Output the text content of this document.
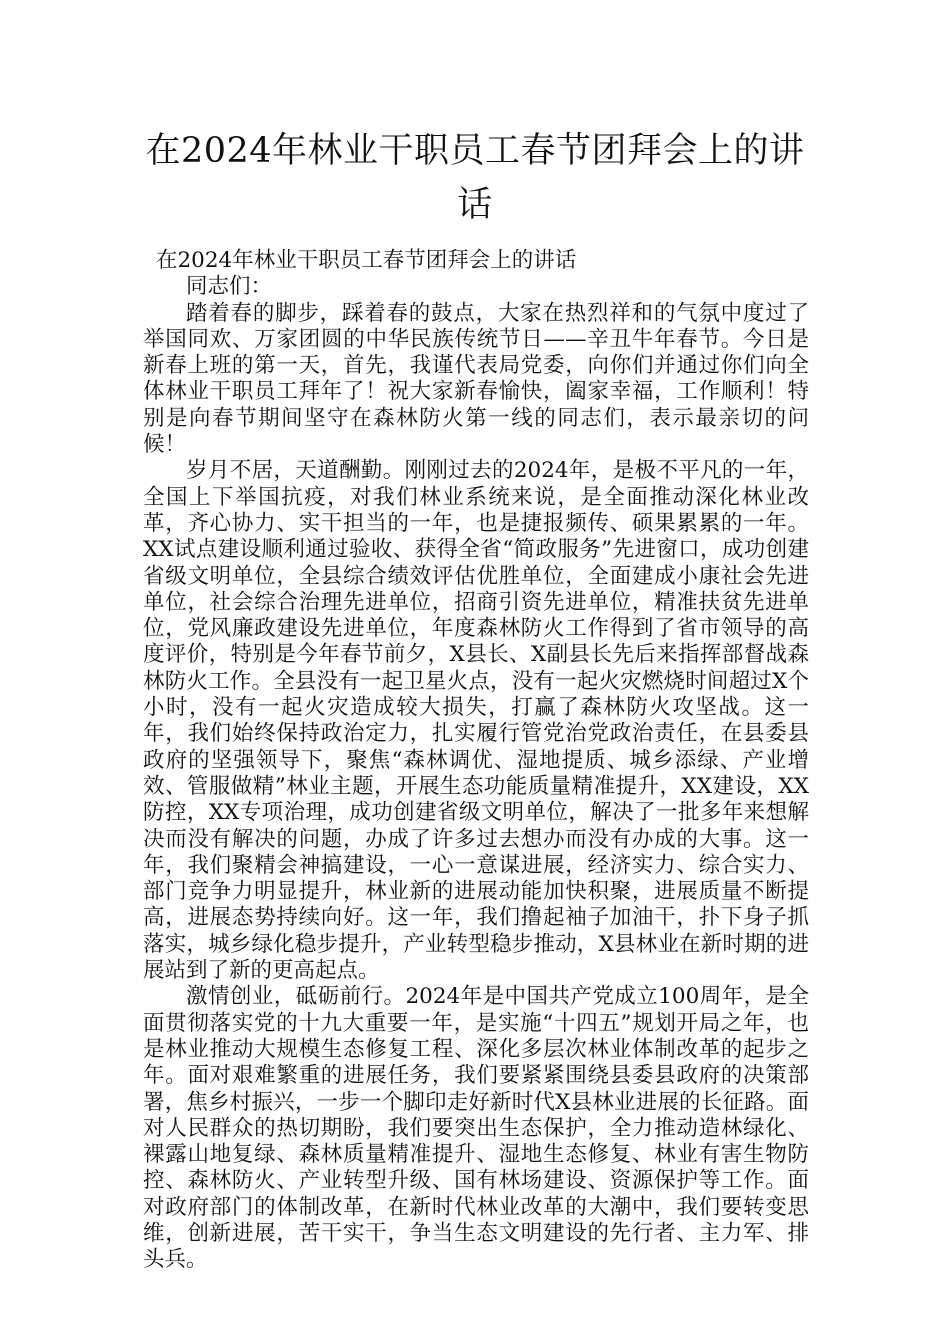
在2024年林业干职员工春节团拜会上的讲话

在2024年林业干职员工春节团拜会上的讲话

同志们：

踏着春的脚步，踩着春的鼓点，大家在热烈祥和的气氛中度过了举国同欢、万家团圆的中华民族传统节日——辛丑牛年春节。今日是新春上班的第一天，首先，我谨代表局党委，向你们并通过你们向全体林业干职员工拜年了！祝大家新春愉快，阖家幸福，工作顺利！特别是向春节期间坚守在森林防火第一线的同志们，表示最亲切的问候！

岁月不居，天道酬勤。刚刚过去的2024年，是极不平凡的一年，全国上下举国抗疫，对我们林业系统来说，是全面推动深化林业改革，齐心协力、实干担当的一年，也是捷报频传、硕果累累的一年。XX试点建设顺利通过验收、获得全省“简政服务”先进窗口，成功创建省级文明单位，全县综合绩效评估优胜单位，全面建成小康社会先进单位，社会综合治理先进单位，招商引资先进单位，精准扶贫先进单位，党风廉政建设先进单位，年度森林防火工作得到了省市领导的高度评价，特别是今年春节前夕，X县长、X副县长先后来指挥部督战森林防火工作。全县没有一起卫星火点，没有一起火灾燃烧时间超过X个小时，没有一起火灾造成较大损失，打赢了森林防火攻坚战。这一年，我们始终保持政治定力，扎实履行管党治党政治责任，在县委县政府的坚强领导下，聚焦“森林调优、湿地提质、城乡添绿、产业增效、管服做精”林业主题，开展生态功能质量精准提升，XX建设，XX防控，XX专项治理，成功创建省级文明单位，解决了一批多年来想解决而没有解决的问题，办成了许多过去想办而没有办成的大事。这一年，我们聚精会神搞建设，一心一意谋进展，经济实力、综合实力、部门竞争力明显提升，林业新的进展动能加快积聚，进展质量不断提高，进展态势持续向好。这一年，我们撸起袖子加油干，扑下身子抓落实，城乡绿化稳步提升，产业转型稳步推动，X县林业在新时期的进展站到了新的更高起点。

激情创业，砥砺前行。2024年是中国共产党成立100周年，是全面贯彻落实党的十九大重要一年，是实施“十四五”规划开局之年，也是林业推动大规模生态修复工程、深化多层次林业体制改革的起步之年。面对艰难繁重的进展任务，我们要紧紧围绕县委县政府的决策部署，焦乡村振兴，一步一个脚印走好新时代X县林业进展的长征路。面对人民群众的热切期盼，我们要突出生态保护，全力推动造林绿化、裸露山地复绿、森林质量精准提升、湿地生态修复、林业有害生物防控、森林防火、产业转型升级、国有林场建设、资源保护等工作。面对政府部门的体制改革，在新时代林业改革的大潮中，我们要转变思维，创新进展，苦干实干，争当生态文明建设的先行者、主力军、排头兵。
